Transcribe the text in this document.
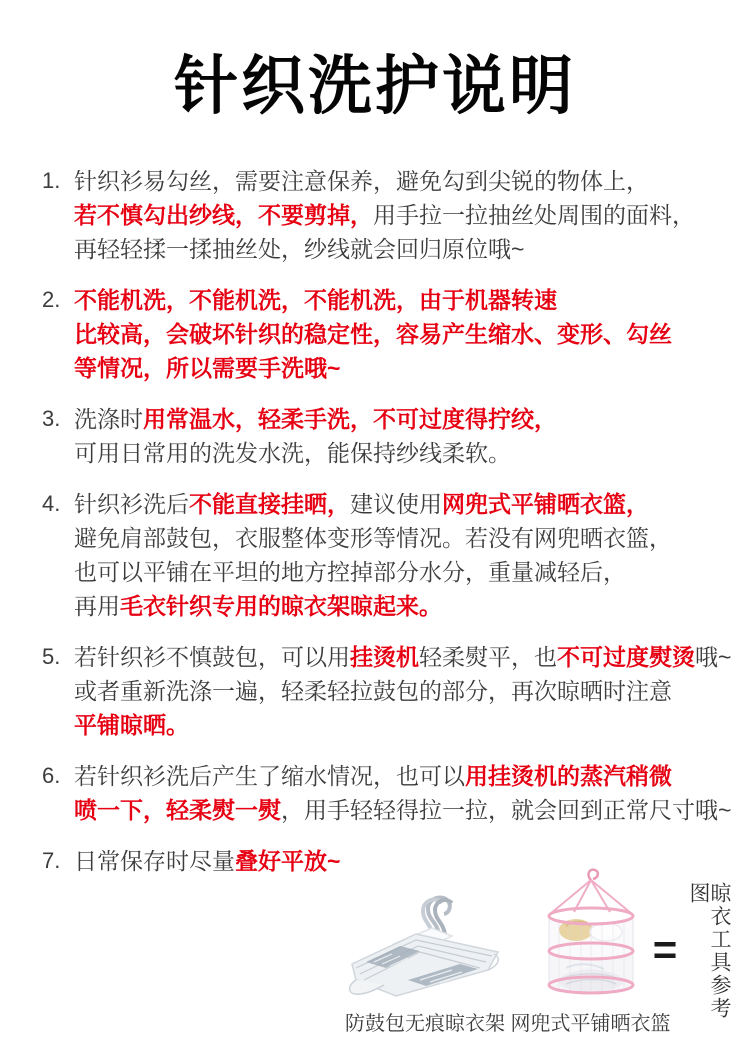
针织洗护说明
1. 针织衫易勾丝，需要注意保养，避免勾到尖锐的物体上，
若不慎勾出纱线，不要剪掉，用手拉一拉抽丝处周围的面料，
再轻轻揉一揉抽丝处，纱线就会回归原位哦~
2. 不能机洗，不能机洗，不能机洗，由于机器转速
比较高，会破坏针织的稳定性，容易产生缩水、变形、勾丝
等情况，所以需要手洗哦~
3. 洗涤时用常温水，轻柔手洗，不可过度得拧绞，
可用日常用的洗发水洗，能保持纱线柔软。
4. 针织衫洗后不能直接挂晒，建议使用网兜式平铺晒衣篮，
避免肩部鼓包，衣服整体变形等情况。若没有网兜晒衣篮，
也可以平铺在平坦的地方控掉部分水分，重量减轻后，
再用毛衣针织专用的晾衣架晾起来。
5. 若针织衫不慎鼓包，可以用挂烫机轻柔熨平，也不可过度熨烫哦~
或者重新洗涤一遍，轻柔轻拉鼓包的部分，再次晾晒时注意
平铺晾晒。
6. 若针织衫洗后产生了缩水情况，也可以用挂烫机的蒸汽稍微
喷一下，轻柔熨一熨，用手轻轻得拉一拉，就会回到正常尺寸哦~
7. 日常保存时尽量叠好平放~
=	晾衣工具参考图
防鼓包无痕晾衣架 网兜式平铺晒衣篮
